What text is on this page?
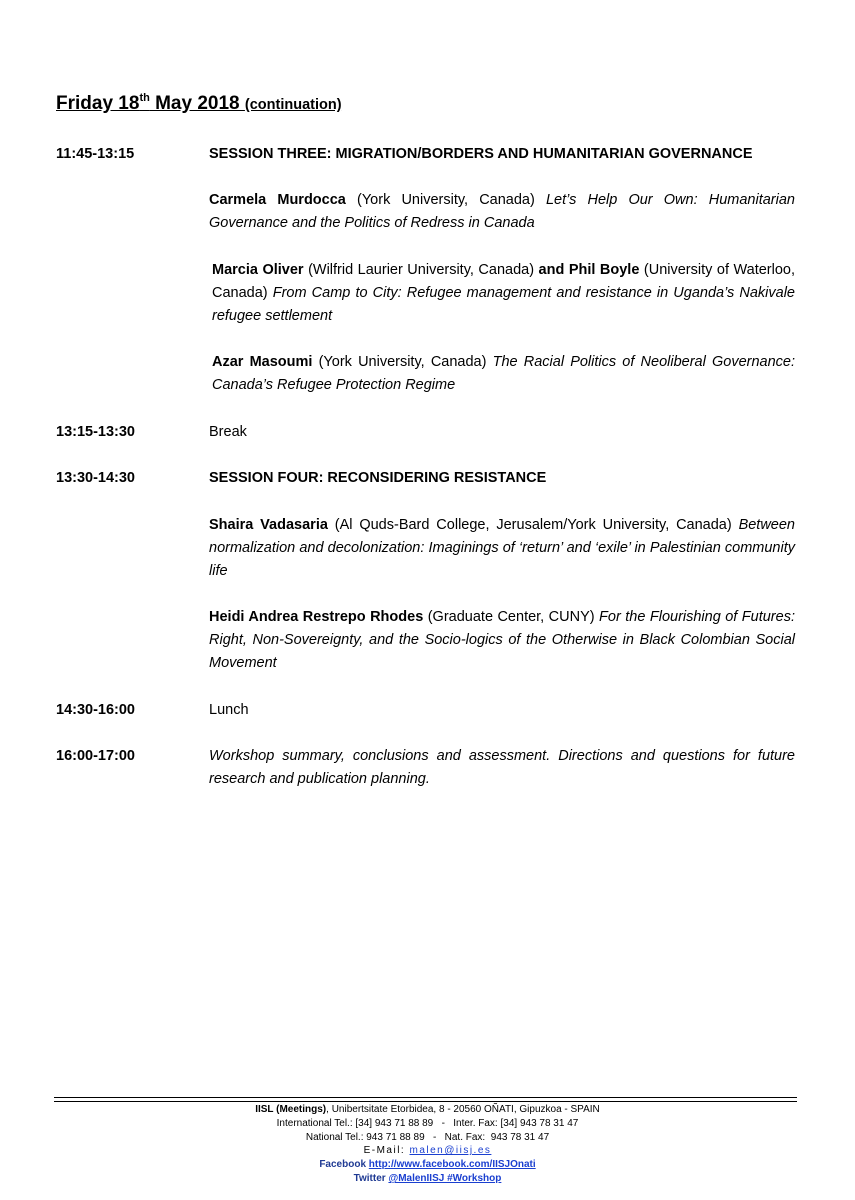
Friday 18th May 2018 (continuation)
11:45-13:15	SESSION THREE: MIGRATION/BORDERS AND HUMANITARIAN GOVERNANCE
Carmela Murdocca (York University, Canada) Let’s Help Our Own: Humanitarian Governance and the Politics of Redress in Canada
Marcia Oliver (Wilfrid Laurier University, Canada) and Phil Boyle (University of Waterloo, Canada) From Camp to City: Refugee management and resistance in Uganda’s Nakivale refugee settlement
Azar Masoumi (York University, Canada) The Racial Politics of Neoliberal Governance: Canada’s Refugee Protection Regime
13:15-13:30	Break
13:30-14:30	SESSION FOUR: RECONSIDERING RESISTANCE
Shaira Vadasaria (Al Quds-Bard College, Jerusalem/York University, Canada) Between normalization and decolonization: Imaginings of ‘return’ and ‘exile’ in Palestinian community life
Heidi Andrea Restrepo Rhodes (Graduate Center, CUNY) For the Flourishing of Futures: Right, Non-Sovereignty, and the Socio-logics of the Otherwise in Black Colombian Social Movement
14:30-16:00	Lunch
16:00-17:00	Workshop summary, conclusions and assessment. Directions and questions for future research and publication planning.
IISL (Meetings), Unibertsitate Etorbidea, 8 - 20560 OÑATI, Gipuzkoa - SPAIN
International Tel.: [34] 943 71 88 89   -   Inter. Fax: [34] 943 78 31 47
National Tel.: 943 71 88 89   -   Nat. Fax:  943 78 31 47
E-Mail: malen@iisj.es
Facebook http://www.facebook.com/IISJOnati
Twitter @MalenIISJ #Workshop
